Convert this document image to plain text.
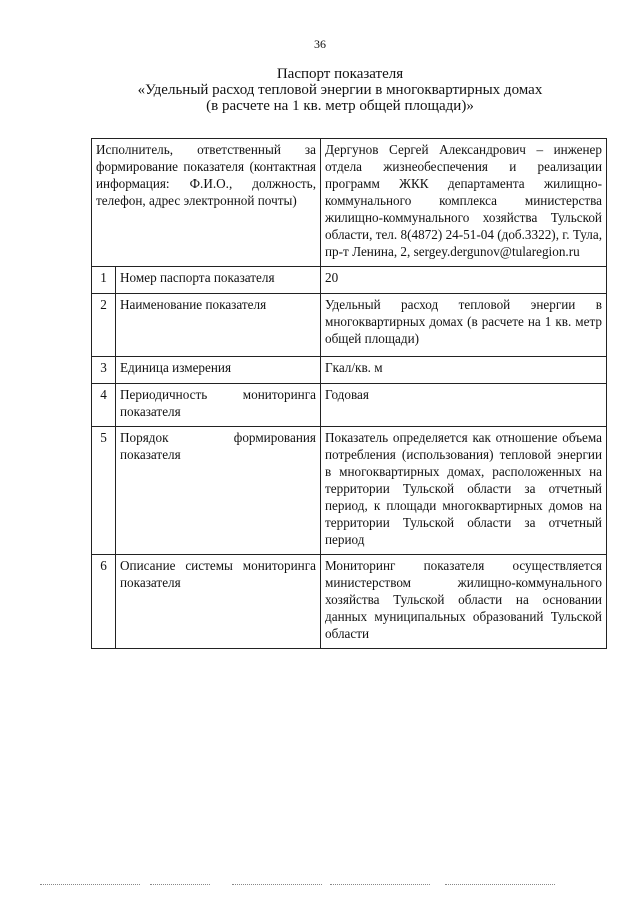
36
Паспорт показателя
«Удельный расход тепловой энергии в многоквартирных домах
(в расчете на 1 кв. метр общей площади)»
Исполнитель, ответственный за формирование показателя (контактная информация: Ф.И.О., должность, телефон, адрес электронной почты)		Дергунов Сергей Александрович – инженер отдела жизнеобеспечения и реализации программ ЖКК департамента жилищно-коммунального комплекса министерства жилищно-коммунального хозяйства Тульской области, тел. 8(4872) 24-51-04 (доб.3322), г. Тула, пр-т Ленина, 2, sergey.dergunov@tularegion.ru
1	Номер паспорта показателя	20
2	Наименование показателя	Удельный расход тепловой энергии в многоквартирных домах (в расчете на 1 кв. метр общей площади)
3	Единица измерения	Гкал/кв. м
4	Периодичность мониторинга показателя	Годовая
5	Порядок формирования показателя	Показатель определяется как отношение объема потребления (использования) тепловой энергии в многоквартирных домах, расположенных на территории Тульской области за отчетный период, к площади многоквартирных домов на территории Тульской области за отчетный период
6	Описание системы мониторинга показателя	Мониторинг показателя осуществляется министерством жилищно-коммунального хозяйства Тульской области на основании данных муниципальных образований Тульской области
